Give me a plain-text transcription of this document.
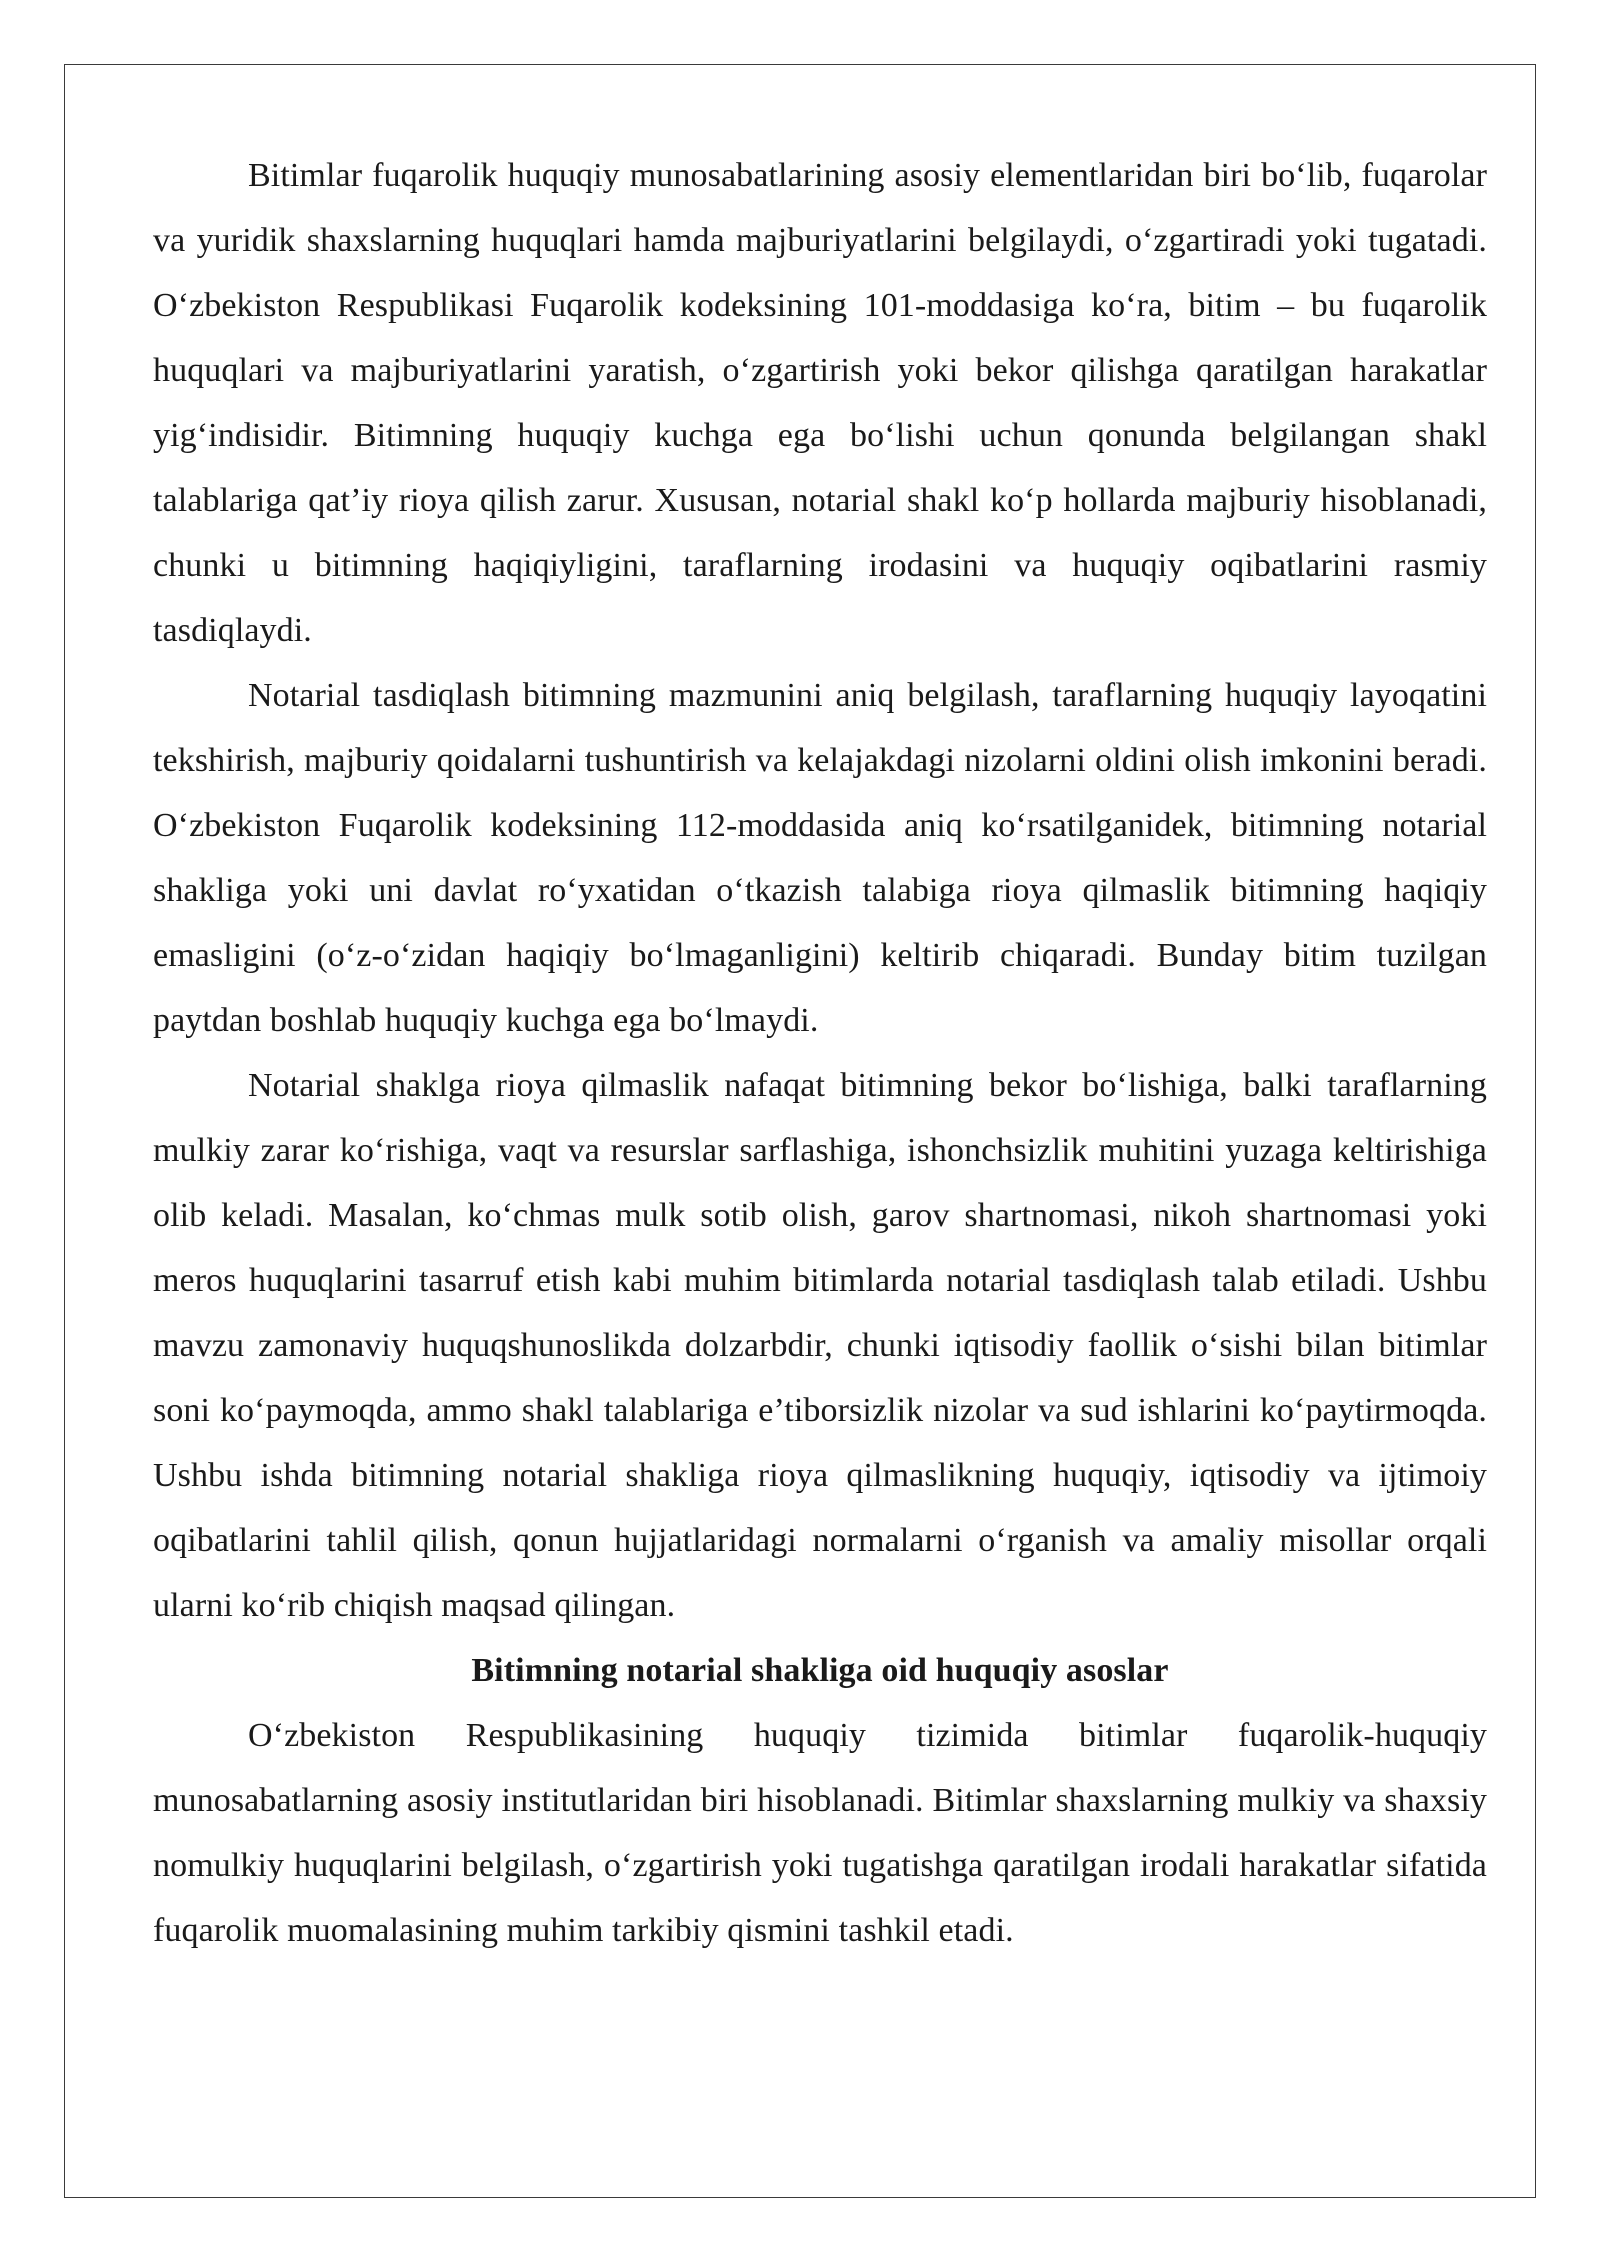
Bitimlar fuqarolik huquqiy munosabatlarining asosiy elementlaridan biri bo‘lib, fuqarolar va yuridik shaxslarning huquqlari hamda majburiyatlarini belgilaydi, o‘zgartiradi yoki tugatadi. O‘zbekiston Respublikasi Fuqarolik kodeksining 101-moddasiga ko‘ra, bitim – bu fuqarolik huquqlari va majburiyatlarini yaratish, o‘zgartirish yoki bekor qilishga qaratilgan harakatlar yig‘indisidir. Bitimning huquqiy kuchga ega bo‘lishi uchun qonunda belgilangan shakl talablariga qat’iy rioya qilish zarur. Xususan, notarial shakl ko‘p hollarda majburiy hisoblanadi, chunki u bitimning haqiqiyligini, taraflarning irodasini va huquqiy oqibatlarini rasmiy tasdiqlaydi.

Notarial tasdiqlash bitimning mazmunini aniq belgilash, taraflarning huquqiy layoqatini tekshirish, majburiy qoidalarni tushuntirish va kelajakdagi nizolarni oldini olish imkonini beradi. O‘zbekiston Fuqarolik kodeksining 112-moddasida aniq ko‘rsatilganidek, bitimning notarial shakliga yoki uni davlat ro‘yxatidan o‘tkazish talabiga rioya qilmaslik bitimning haqiqiy emasligini (o‘z-o‘zidan haqiqiy bo‘lmaganligini) keltirib chiqaradi. Bunday bitim tuzilgan paytdan boshlab huquqiy kuchga ega bo‘lmaydi.

Notarial shaklga rioya qilmaslik nafaqat bitimning bekor bo‘lishiga, balki taraflarning mulkiy zarar ko‘rishiga, vaqt va resurslar sarflashiga, ishonchsizlik muhitini yuzaga keltirishiga olib keladi. Masalan, ko‘chmas mulk sotib olish, garov shartnomasi, nikoh shartnomasi yoki meros huquqlarini tasarruf etish kabi muhim bitimlarda notarial tasdiqlash talab etiladi. Ushbu mavzu zamonaviy huquqshunoslikda dolzarbdir, chunki iqtisodiy faollik o‘sishi bilan bitimlar soni ko‘paymoqda, ammo shakl talablariga e’tiborsizlik nizolar va sud ishlarini ko‘paytirmoqda. Ushbu ishda bitimning notarial shakliga rioya qilmaslikning huquqiy, iqtisodiy va ijtimoiy oqibatlarini tahlil qilish, qonun hujjatlaridagi normalarni o‘rganish va amaliy misollar orqali ularni ko‘rib chiqish maqsad qilingan.

Bitimning notarial shakliga oid huquqiy asoslar

O‘zbekiston Respublikasining huquqiy tizimida bitimlar fuqarolik-huquqiy munosabatlarning asosiy institutlaridan biri hisoblanadi. Bitimlar shaxslarning mulkiy va shaxsiy nomulkiy huquqlarini belgilash, o‘zgartirish yoki tugatishga qaratilgan irodali harakatlar sifatida fuqarolik muomalasining muhim tarkibiy qismini tashkil etadi.
